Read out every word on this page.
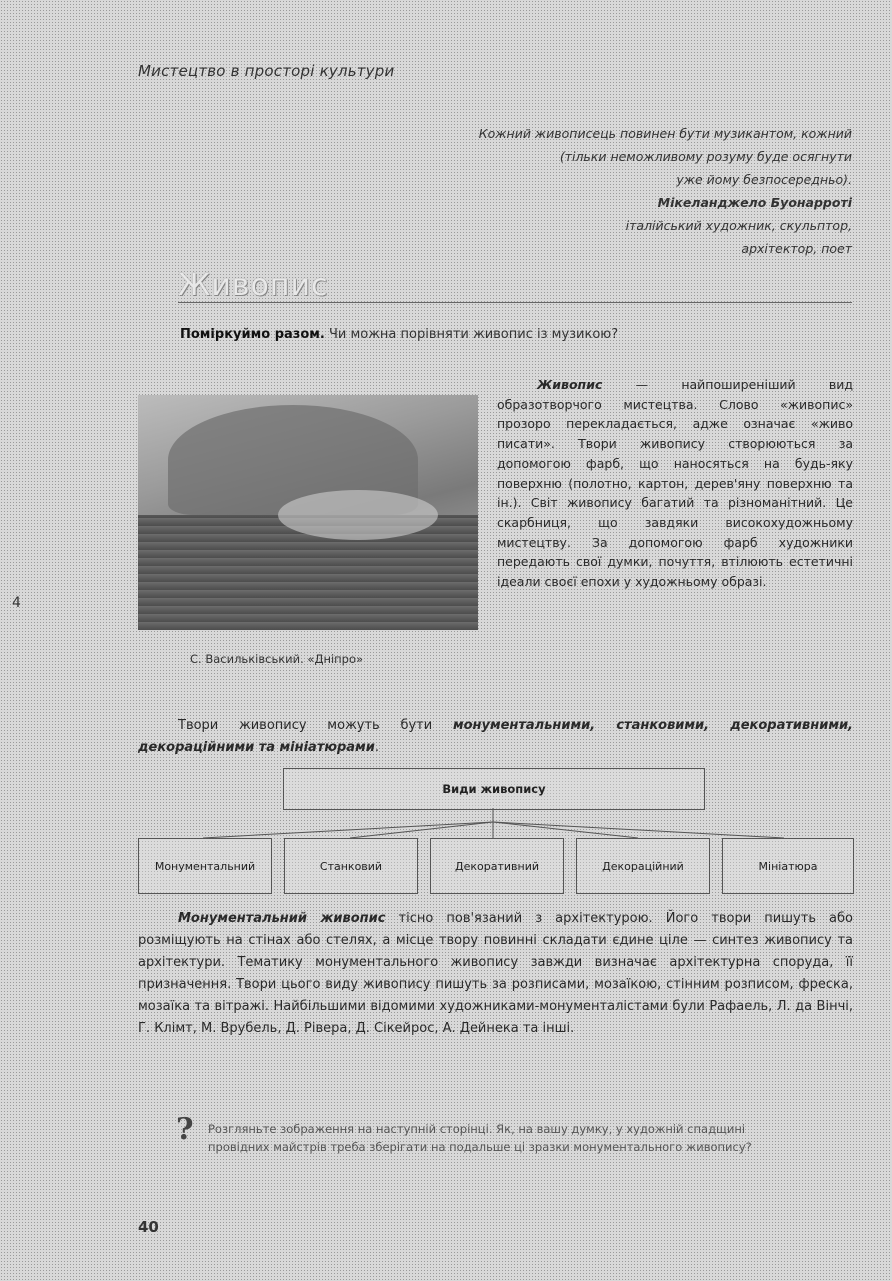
Мистецтво в просторі культури
Кожний живописець повинен бути музикантом, кожний
(тільки неможливому розуму буде осягнути
уже йому безпосередньо).
Мікеланджело Буонарроті
італійський художник, скульптор,
архітектор, поет
Живопис
Поміркуймо разом. Чи можна порівняти живопис із музикою?
С. Васильківський. «Дніпро»
Живопис	— найпоширеніший вид образотворчого мистецтва. Слово «живопис» прозоро перекладається, адже означає «живо писати». Твори живопису створюються за допомогою фарб, що наносяться на будь-яку поверхню (полотно, картон, дерев'яну поверхню та ін.). Світ живопису багатий та різноманітний. Це скарбниця, що завдяки високохудожньому мистецтву. За допомогою фарб художники передають свої думки, почуття, втілюють естетичні ідеали своєї епохи у художньому образі.
4
Твори живопису можуть бути монументальними, станковими, декоративними, декораційними та мініатюрами.
Види живопису
Монументальний	Станковий	Декоративний	Декораційний	Мініатюра
Монументальний живопис тісно пов'язаний з архітектурою. Його твори пишуть або розміщують на стінах або стелях, а місце твору повинні складати єдине ціле — синтез живопису та архітектури. Тематику монументального живопису завжди визначає архітектурна споруда, її призначення. Твори цього виду живопису пишуть за розписами, мозаїкою, стінним розписом, фреска, мозаїка та вітражі. Найбільшими відомими художниками-монументалістами були Рафаель, Л. да Вінчі, Г. Клімт, М. Врубель, Д. Рівера, Д. Сікейрос, А. Дейнека та інші.
? Розгляньте зображення на наступній сторінці. Як, на вашу думку, у художній спадщині провідних майстрів треба зберігати на подальше ці зразки монументального живопису?
40
